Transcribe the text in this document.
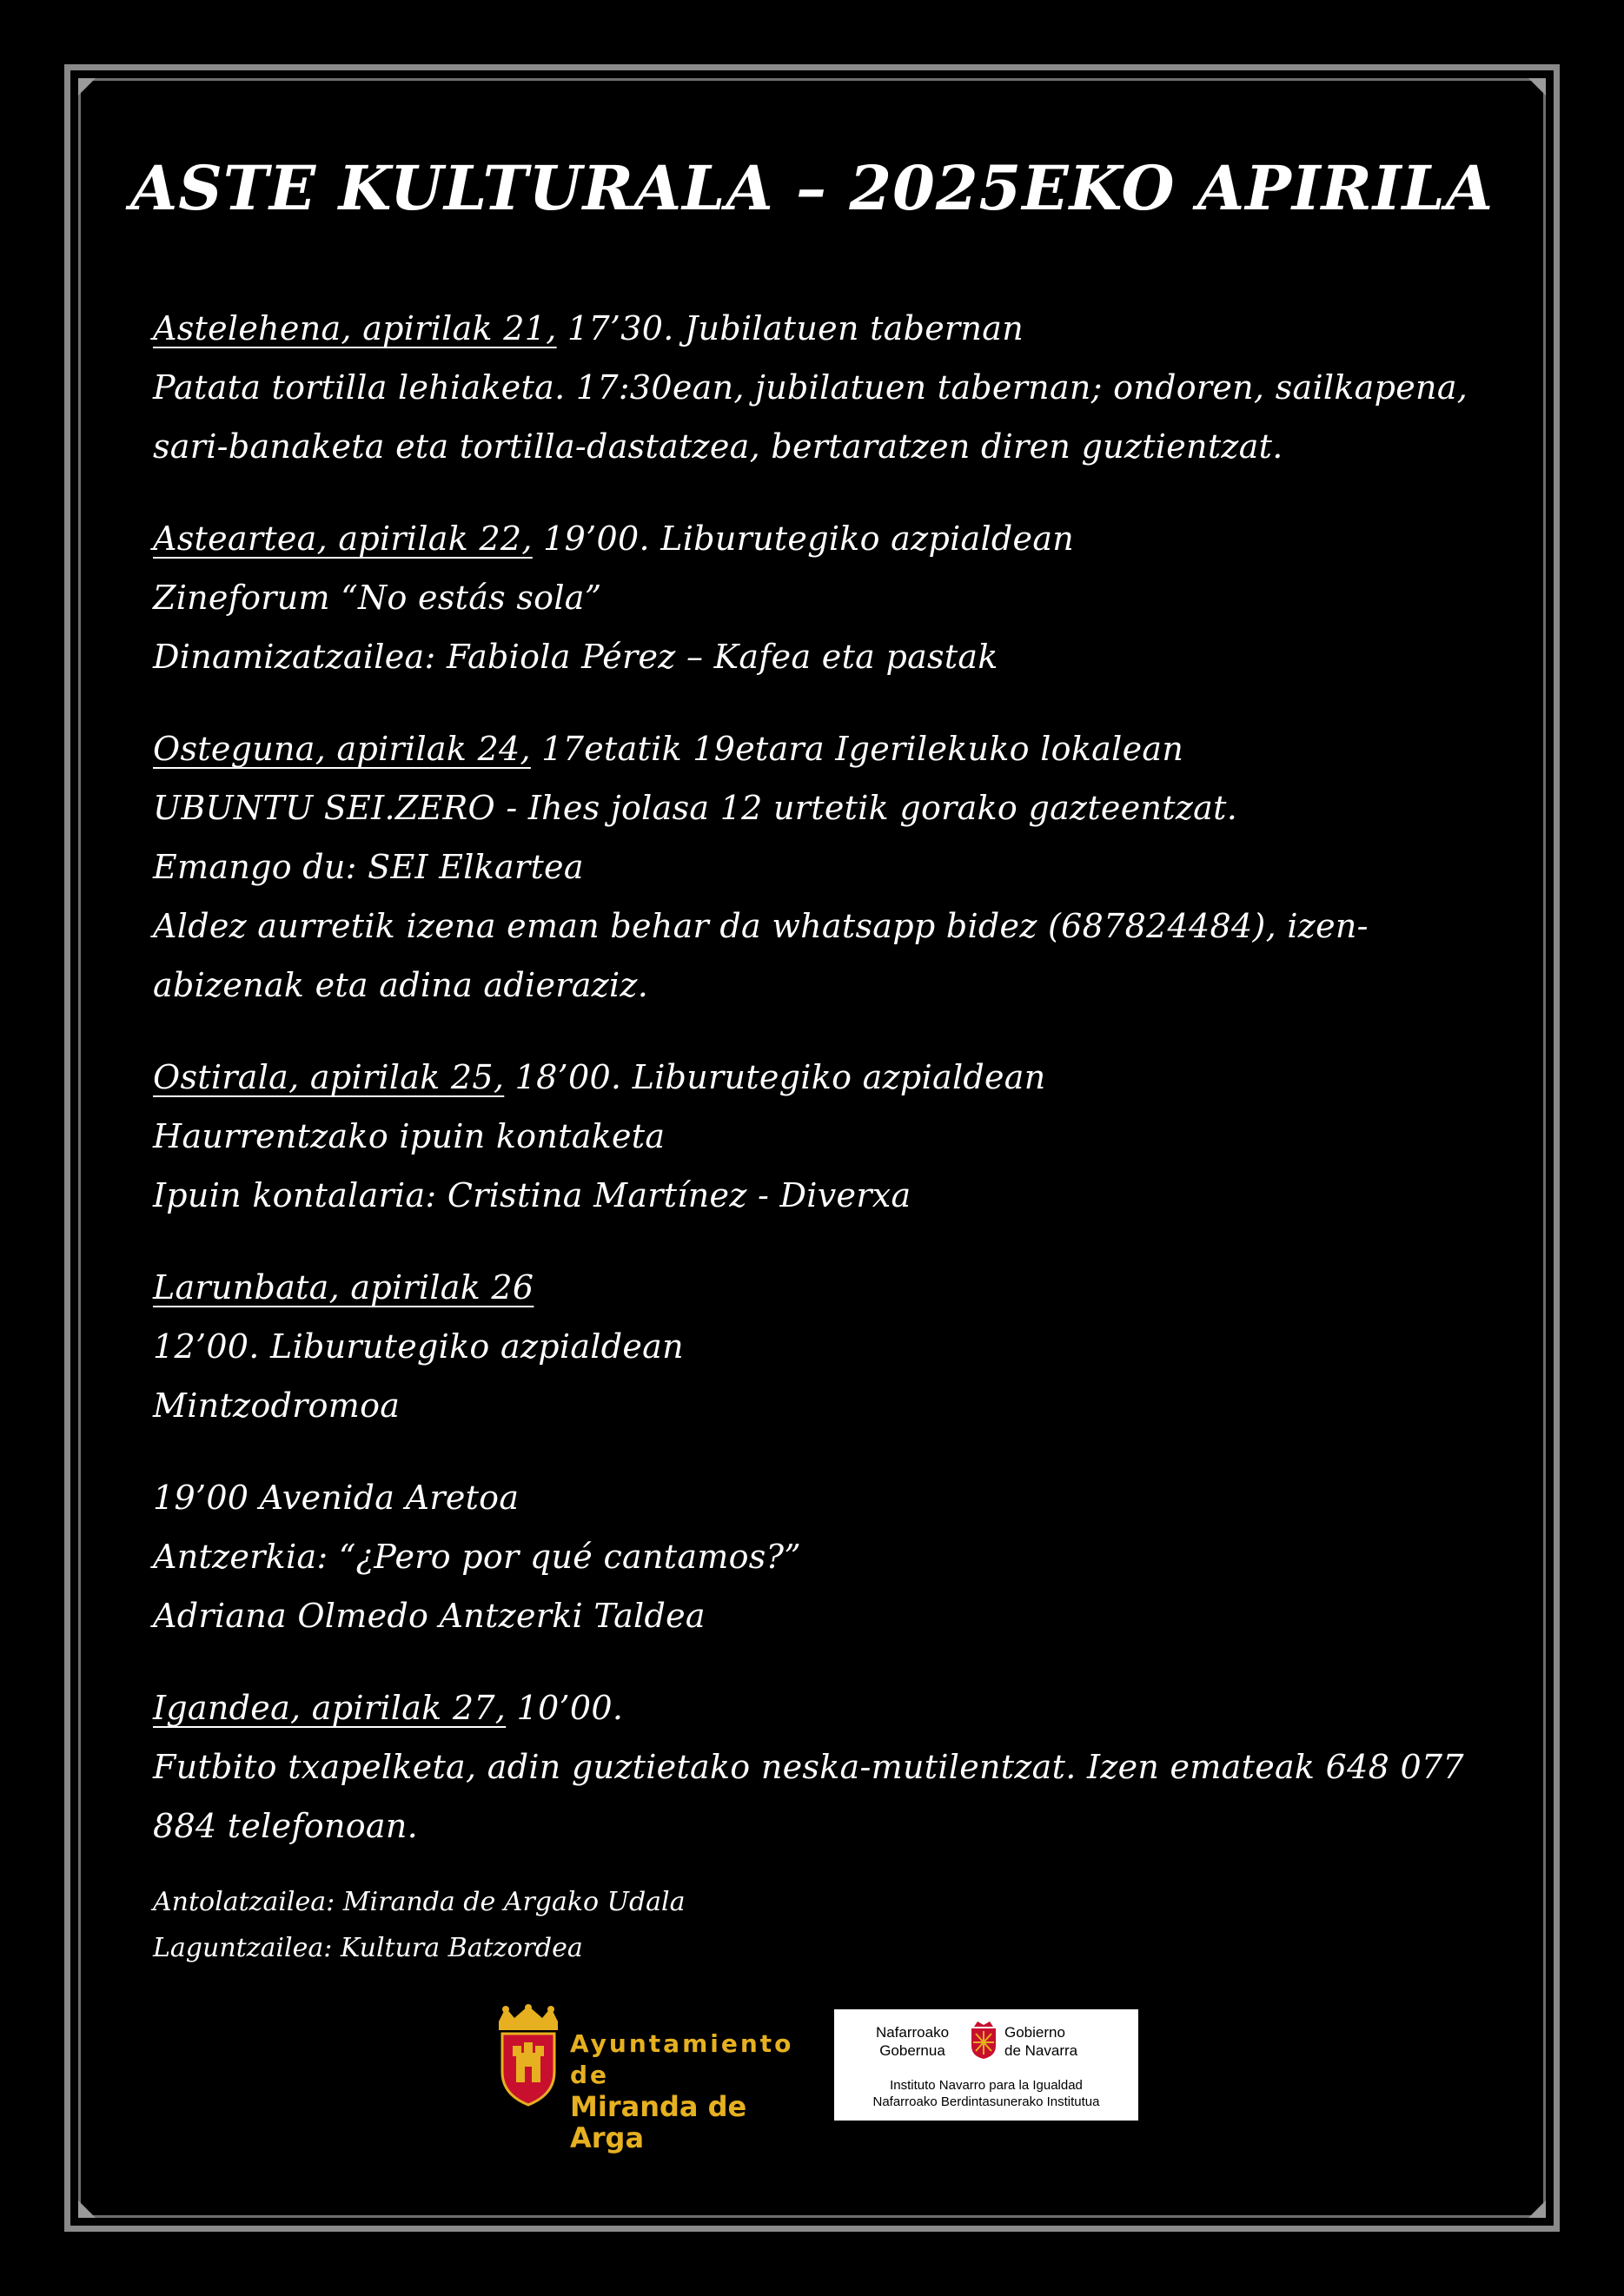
ASTE KULTURALA – 2025EKO APIRILA
Astelehena, apirilak 21, 17’30. Jubilatuen tabernan
Patata tortilla lehiaketa. 17:30ean, jubilatuen tabernan; ondoren, sailkapena, sari-banaketa eta tortilla-dastatzea, bertaratzen diren guztientzat.
Asteartea, apirilak 22, 19’00. Liburutegiko azpialdean
Zineforum “No estás sola”
Dinamizatzailea: Fabiola Pérez – Kafea eta pastak
Osteguna, apirilak 24, 17etatik 19etara Igerilekuko lokalean
UBUNTU SEI.ZERO - Ihes jolasa 12 urtetik gorako gazteentzat.
Emango du: SEI Elkartea
Aldez aurretik izena eman behar da whatsapp bidez (687824484), izen-abizenak eta adina adieraziz.
Ostirala, apirilak 25, 18’00. Liburutegiko azpialdean
Haurrentzako ipuin kontaketa
Ipuin kontalaria: Cristina Martínez - Diverxa
Larunbata, apirilak 26
12’00. Liburutegiko azpialdean
Mintzodromoa
19’00 Avenida Aretoa
Antzerkia: “¿Pero por qué cantamos?”
Adriana Olmedo Antzerki Taldea
Igandea, apirilak 27, 10’00.
Futbito txapelketa, adin guztietako neska-mutilentzat. Izen emateak 648 077 884 telefonoan.
Antolatzailea: Miranda de Argako Udala
Laguntzailea: Kultura Batzordea
Ayuntamiento de
Miranda de Arga
Nafarroako
Gobernua
Gobierno
de Navarra
Instituto Navarro para la Igualdad
Nafarroako Berdintasunerako Institutua
